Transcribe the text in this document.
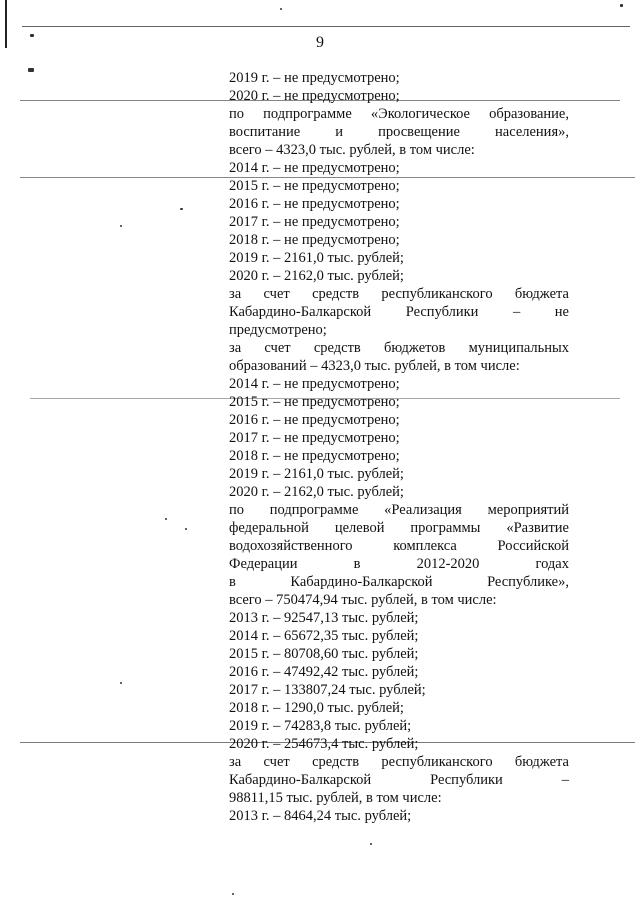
9
2019 г. – не предусмотрено;
2020 г. – не предусмотрено;
по подпрограмме «Экологическое образование,
воспитание и просвещение населения»,
всего – 4323,0 тыс. рублей, в том числе:
2014 г. – не предусмотрено;
2015 г. – не предусмотрено;
2016 г. – не предусмотрено;
2017 г. – не предусмотрено;
2018 г. – не предусмотрено;
2019 г. – 2161,0 тыс. рублей;
2020 г. – 2162,0 тыс. рублей;
за счет средств республиканского бюджета
Кабардино-Балкарской Республики – не
предусмотрено;
за счет средств бюджетов муниципальных
образований – 4323,0 тыс. рублей, в том числе:
2014 г. – не предусмотрено;
2015 г. – не предусмотрено;
2016 г. – не предусмотрено;
2017 г. – не предусмотрено;
2018 г. – не предусмотрено;
2019 г. – 2161,0 тыс. рублей;
2020 г. – 2162,0 тыс. рублей;
по подпрограмме «Реализация мероприятий
федеральной целевой программы «Развитие
водохозяйственного комплекса Российской
Федерации в 2012-2020 годах
в Кабардино-Балкарской Республике»,
всего – 750474,94 тыс. рублей, в том числе:
2013 г. – 92547,13 тыс. рублей;
2014 г. – 65672,35 тыс. рублей;
2015 г. – 80708,60 тыс. рублей;
2016 г. – 47492,42 тыс. рублей;
2017 г. – 133807,24 тыс. рублей;
2018 г. – 1290,0 тыс. рублей;
2019 г. – 74283,8 тыс. рублей;
2020 г. – 254673,4 тыс. рублей;
за счет средств республиканского бюджета
Кабардино-Балкарской Республики –
98811,15 тыс. рублей, в том числе:
2013 г. – 8464,24 тыс. рублей;
